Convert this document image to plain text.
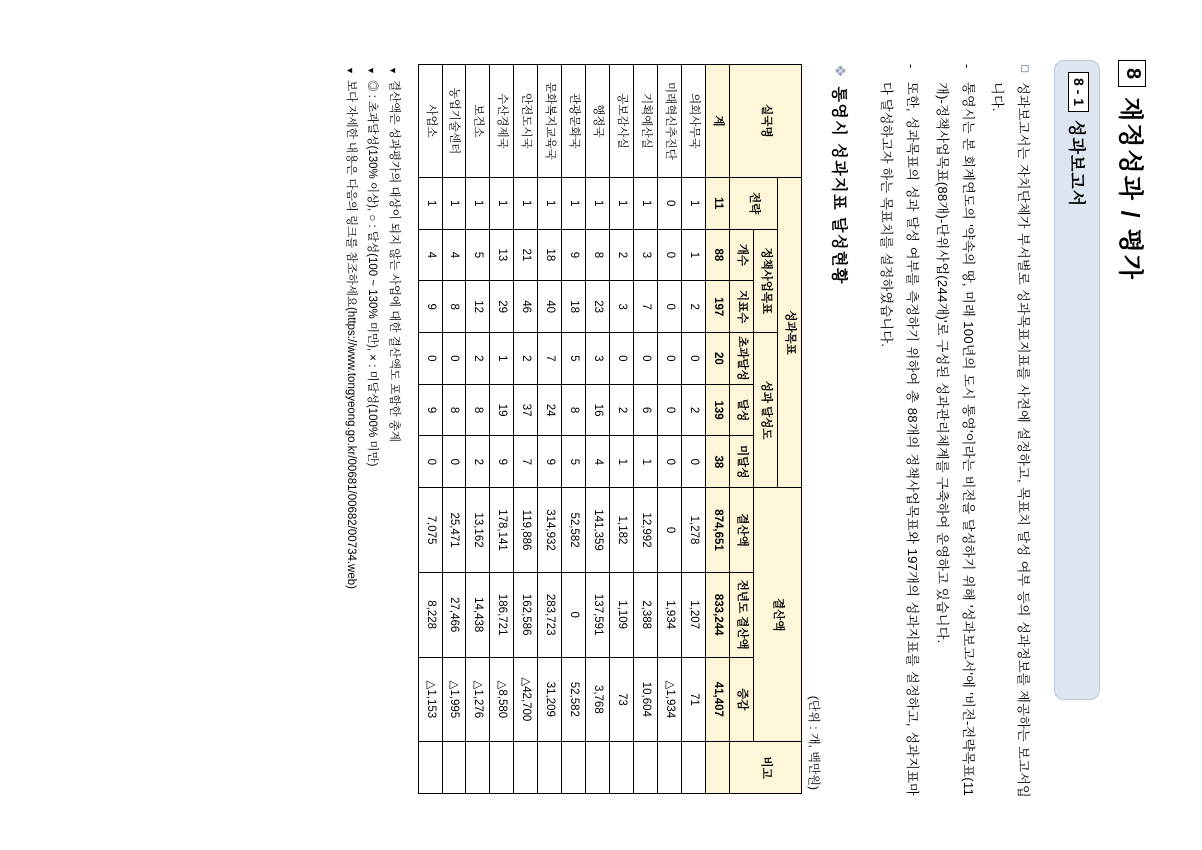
8
재정성과 / 평가
8 - 1
성과보고서
◻
성과보고서는 자치단체가 부서별로 성과목표지표를 사전에 설정하고, 목표치 달성 여부 등의 성과정보를 제공하는 보고서입니다.
-
통영시는 본 회계연도의 '약속의 땅, 미래 100년의 도시 통영'이라는 비전을 달성하기 위해 '성과보고서'에 '비전-전략목표(11개)-정책사업목표(88개)-단위사업(244개)'로 구성된 성과관리체계를 구축하여 운영하고 있습니다.
-
또한, 성과목표의 성과 달성 여부를 측정하기 위하여 총 88개의 정책사업목표와 197개의 성과지표를 설정하고, 성과지표마다 달성하고자 하는 목표치를 설정하였습니다.
❖
통영시 성과지표 달성현황
(단위 : 개, 백만원)
실국명	성과목표						결산액			비고
	전략	정책사업목표		성과 달성도						
		개수	지표수	초과달성	달성	미달성	결산액	전년도 결산액	증감	
계	11	88	197	20	139	38	874,651	833,244	41,407	
의회사무국	1	1	2	0	2	0	1,278	1,207	71	
미래혁신추진단	0	0	0	0	0	0	0	1,934	△1,934	
기획예산실	1	3	7	0	6	1	12,992	2,388	10,604	
공보감사실	1	2	3	0	2	1	1,182	1,109	73	
행정국	1	8	23	3	16	4	141,359	137,591	3,768	
관광문화국	1	9	18	5	8	5	52,582	0	52,582	
문화복지교육국	1	18	40	7	24	9	314,932	283,723	31,209	
안전도시국	1	21	46	2	37	7	119,886	162,586	△42,700	
수산경제국	1	13	29	1	19	9	178,141	186,721	△8,580	
보건소	1	5	12	2	8	2	13,162	14,438	△1,276	
농업기술센터	1	4	8	0	8	0	25,471	27,466	△1,995	
사업소	1	4	9	0	9	0	7,075	8,228	△1,153	
▼
결산액은 성과평가의 대상이 되지 않는 사업에 대한 결산액도 포함한 총계
▼
◎ : 초과달성(130% 이상), ○ : 달성(100 ~ 130% 미만), × : 미달성(100% 미만)
▼
보다 자세한 내용은 다음의 링크를 참조하세요(https://www.tongyeong.go.kr/00681/00682/00734.web)
